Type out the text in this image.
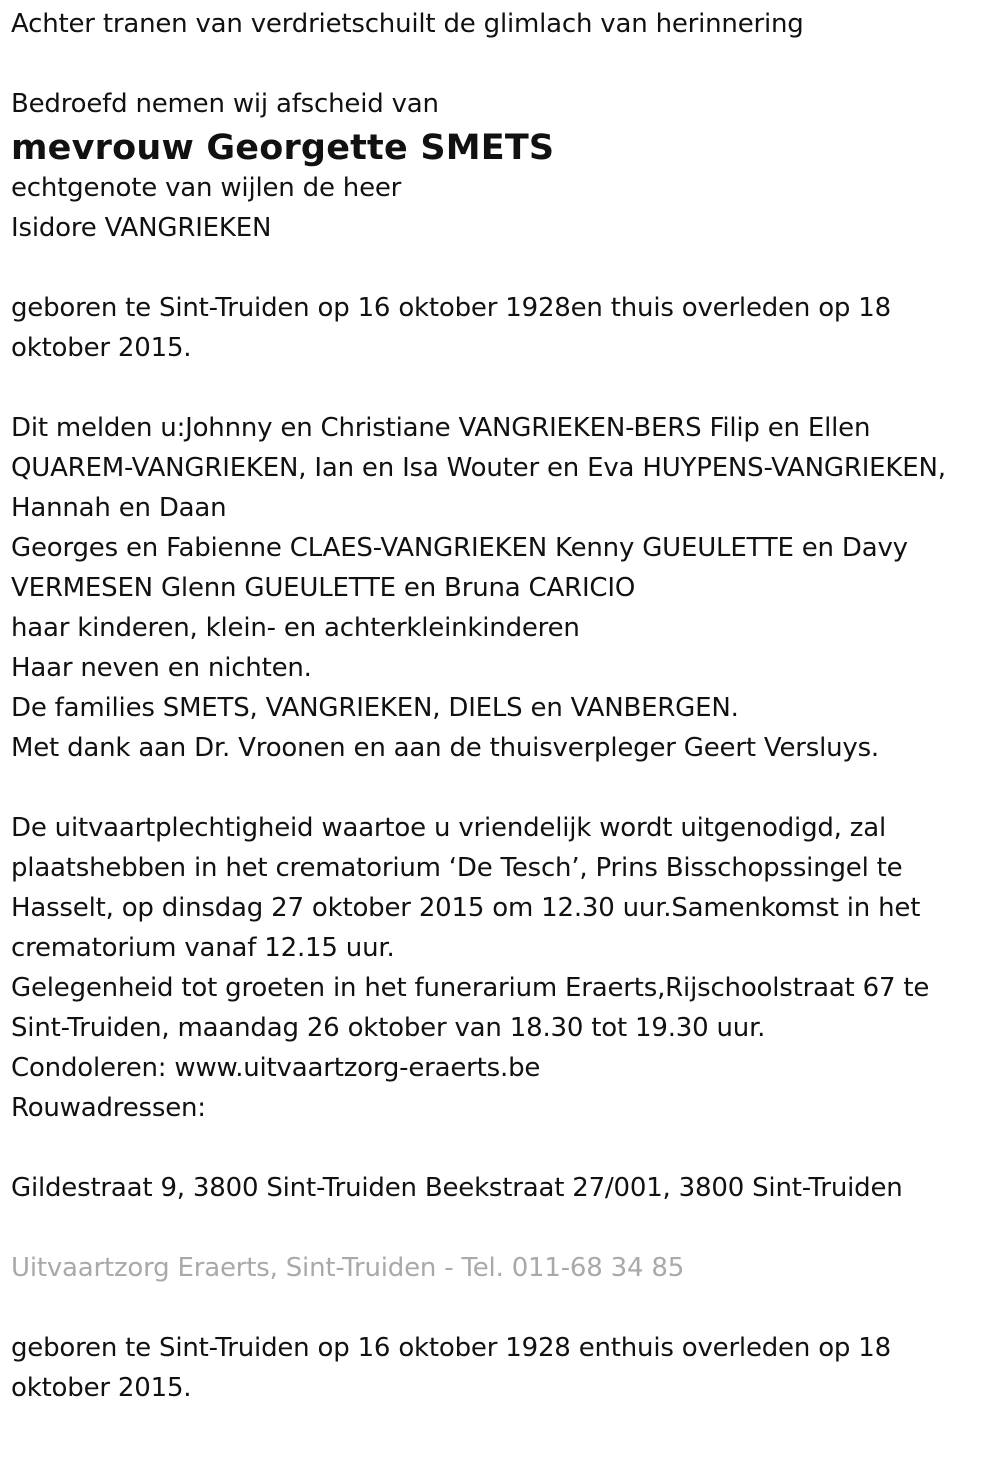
Achter tranen van verdrietschuilt de glimlach van herinnering

Bedroefd nemen wij afscheid van

mevrouw Georgette SMETS

echtgenote van wijlen de heer

Isidore VANGRIEKEN

geboren te Sint-Truiden op 16 oktober 1928en thuis overleden op 18

oktober 2015.

Dit melden u:Johnny en Christiane VANGRIEKEN-BERS Filip en Ellen

QUAREM-VANGRIEKEN, Ian en Isa Wouter en Eva HUYPENS-VANGRIEKEN,

Hannah en Daan

Georges en Fabienne CLAES-VANGRIEKEN Kenny GUEULETTE en Davy

VERMESEN Glenn GUEULETTE en Bruna CARICIO

haar kinderen, klein- en achterkleinkinderen

Haar neven en nichten.

De families SMETS, VANGRIEKEN, DIELS en VANBERGEN.

Met dank aan Dr. Vroonen en aan de thuisverpleger Geert Versluys.

De uitvaartplechtigheid waartoe u vriendelijk wordt uitgenodigd, zal

plaatshebben in het crematorium ‘De Tesch’, Prins Bisschopssingel te

Hasselt, op dinsdag 27 oktober 2015 om 12.30 uur.Samenkomst in het

crematorium vanaf 12.15 uur.

Gelegenheid tot groeten in het funerarium Eraerts,Rijschoolstraat 67 te

Sint-Truiden, maandag 26 oktober van 18.30 tot 19.30 uur.

Condoleren: www.uitvaartzorg-eraerts.be

Rouwadressen:

Gildestraat 9, 3800 Sint-Truiden Beekstraat 27/001, 3800 Sint-Truiden

Uitvaartzorg Eraerts, Sint-Truiden - Tel. 011-68 34 85

geboren te Sint-Truiden op 16 oktober 1928 enthuis overleden op 18

oktober 2015.
